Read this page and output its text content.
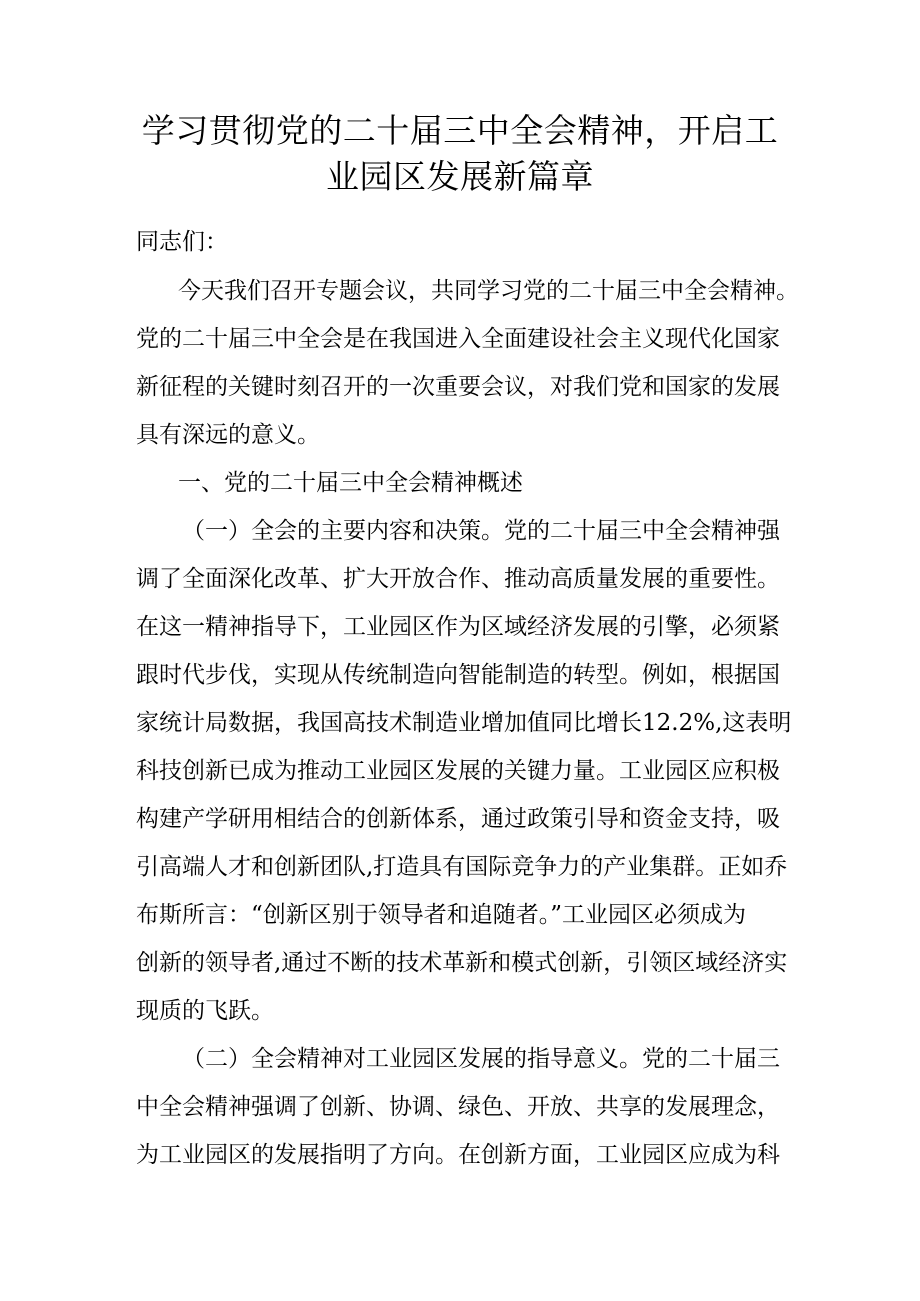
学习贯彻党的二十届三中全会精神，开启工
业园区发展新篇章

同志们：

今天我们召开专题会议，共同学习党的二十届三中全会精神。

党的二十届三中全会是在我国进入全面建设社会主义现代化国家

新征程的关键时刻召开的一次重要会议，对我们党和国家的发展

具有深远的意义。

一、党的二十届三中全会精神概述

（一）全会的主要内容和决策。党的二十届三中全会精神强

调了全面深化改革、扩大开放合作、推动高质量发展的重要性。

在这一精神指导下，工业园区作为区域经济发展的引擎，必须紧

跟时代步伐，实现从传统制造向智能制造的转型。例如，根据国

家统计局数据，我国高技术制造业增加值同比增长12.2%,这表明

科技创新已成为推动工业园区发展的关键力量。工业园区应积极

构建产学研用相结合的创新体系，通过政策引导和资金支持，吸

引高端人才和创新团队,打造具有国际竞争力的产业集群。正如乔

布斯所言：“创新区别于领导者和追随者。”工业园区必须成为

创新的领导者,通过不断的技术革新和模式创新，引领区域经济实

现质的飞跃。

（二）全会精神对工业园区发展的指导意义。党的二十届三

中全会精神强调了创新、协调、绿色、开放、共享的发展理念，

为工业园区的发展指明了方向。在创新方面，工业园区应成为科
